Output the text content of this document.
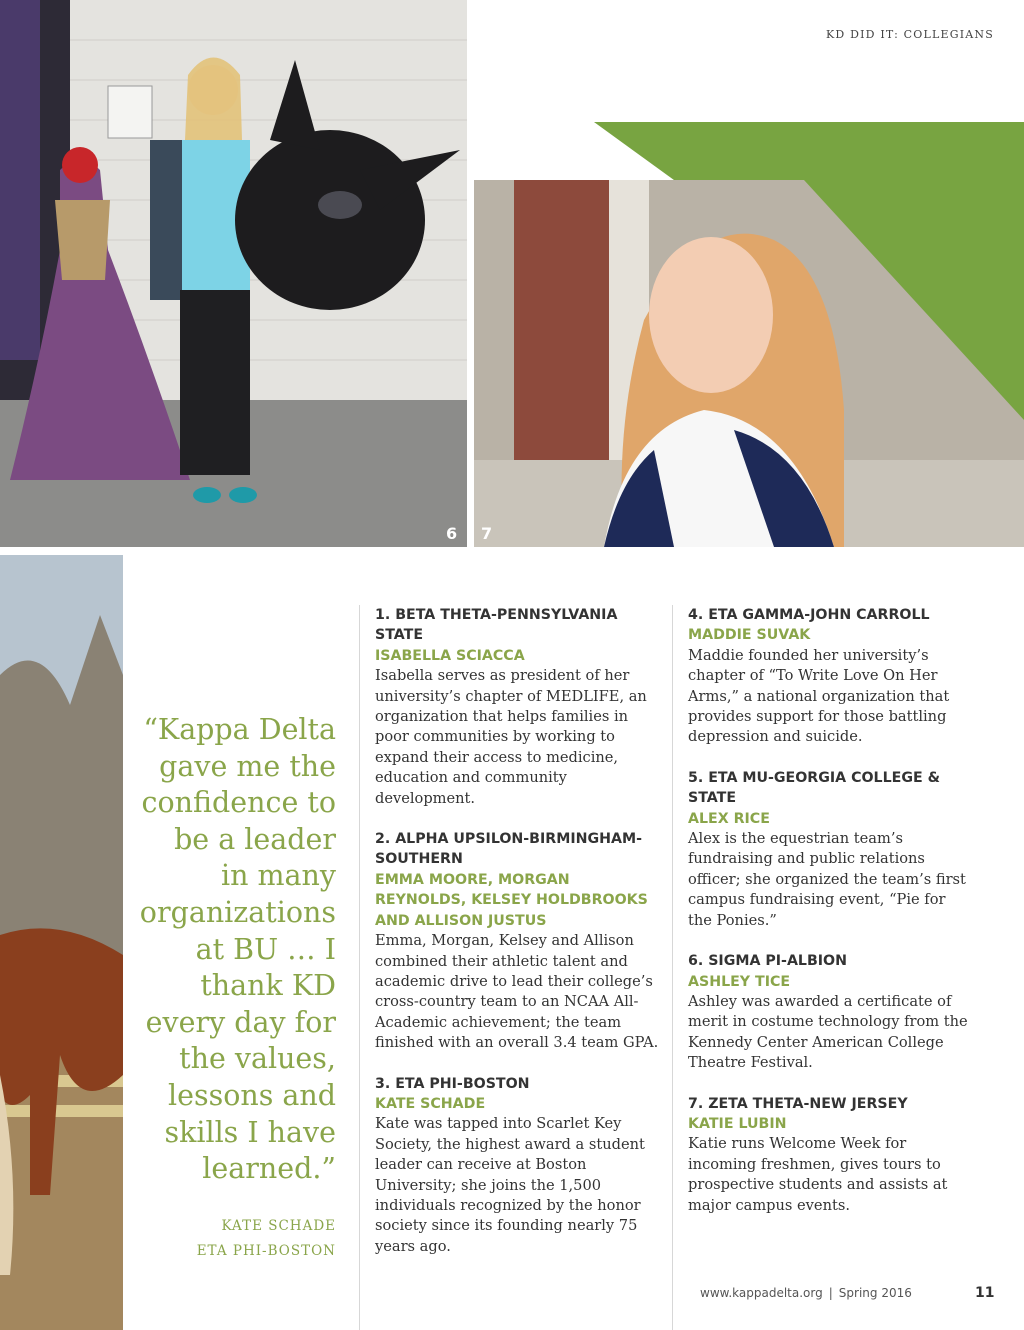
KD DID IT: COLLEGIANS
6 7
“Kappa Delta
gave me the
confidence to
be a leader
in many
organizations
at BU … I
thank KD
every day for
the values,
lessons and
skills I have
learned.”
KATE SCHADE
ETA PHI-BOSTON
1. BETA THETA-PENNSYLVANIA STATE
ISABELLA SCIACCA
Isabella serves as president of her university’s chapter of MEDLIFE, an organization that helps families in poor communities by working to expand their access to medicine, education and community development.
2. ALPHA UPSILON-BIRMINGHAM-SOUTHERN
EMMA MOORE, MORGAN REYNOLDS, KELSEY HOLDBROOKS AND ALLISON JUSTUS
Emma, Morgan, Kelsey and Allison combined their athletic talent and academic drive to lead their college’s cross-country team to an NCAA All-Academic achievement; the team finished with an overall 3.4 team GPA.
3. ETA PHI-BOSTON
KATE SCHADE
Kate was tapped into Scarlet Key Society, the highest award a student leader can receive at Boston University; she joins the 1,500 individuals recognized by the honor society since its founding nearly 75 years ago.
4. ETA GAMMA-JOHN CARROLL
MADDIE SUVAK
Maddie founded her university’s chapter of “To Write Love On Her Arms,” a national organization that provides support for those battling depression and suicide.
5. ETA MU-GEORGIA COLLEGE & STATE
ALEX RICE
Alex is the equestrian team’s fundraising and public relations officer; she organized the team’s first campus fundraising event, “Pie for the Ponies.”
6. SIGMA PI-ALBION
ASHLEY TICE
Ashley was awarded a certificate of merit in costume technology from the Kennedy Center American College Theatre Festival.
7. ZETA THETA-NEW JERSEY
KATIE LUBIN
Katie runs Welcome Week for incoming freshmen, gives tours to prospective students and assists at major campus events.
www.kappadelta.org | Spring 2016	11
